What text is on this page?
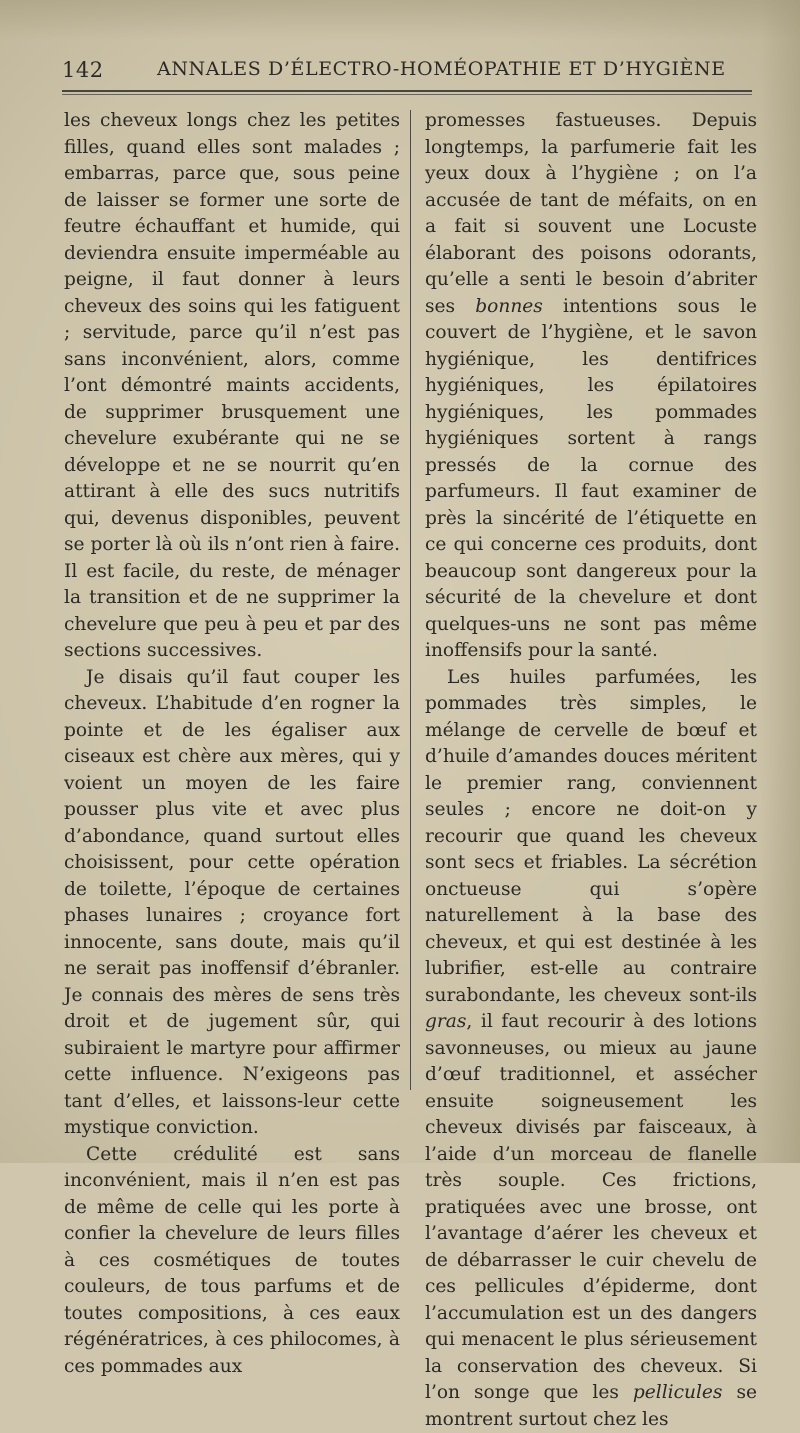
142	ANNALES D’ÉLECTRO-HOMÉOPATHIE ET D’HYGIÈNE

les cheveux longs chez les petites filles, quand elles sont malades ; embarras, parce que, sous peine de laisser se former une sorte de feutre échauffant et humide, qui deviendra ensuite imperméable au peigne, il faut donner à leurs cheveux des soins qui les fatiguent ; servitude, parce qu’il n’est pas sans inconvénient, alors, comme l’ont démontré maints accidents, de supprimer brusquement une chevelure exubérante qui ne se développe et ne se nourrit qu’en attirant à elle des sucs nutritifs qui, devenus disponibles, peuvent se porter là où ils n’ont rien à faire. Il est facile, du reste, de ménager la transition et de ne supprimer la chevelure que peu à peu et par des sections successives.

Je disais qu’il faut couper les cheveux. L’habitude d’en rogner la pointe et de les égaliser aux ciseaux est chère aux mères, qui y voient un moyen de les faire pousser plus vite et avec plus d’abondance, quand surtout elles choisissent, pour cette opération de toilette, l’époque de certaines phases lunaires ; croyance fort innocente, sans doute, mais qu’il ne serait pas inoffensif d’ébranler. Je connais des mères de sens très droit et de jugement sûr, qui subiraient le martyre pour affirmer cette influence. N’exigeons pas tant d’elles, et laissons-leur cette mystique conviction.

Cette crédulité est sans inconvénient, mais il n’en est pas de même de celle qui les porte à confier la chevelure de leurs filles à ces cosmétiques de toutes couleurs, de tous parfums et de toutes compositions, à ces eaux régénératrices, à ces philocomes, à ces pommades aux

promesses fastueuses. Depuis longtemps, la parfumerie fait les yeux doux à l’hygiène ; on l’a accusée de tant de méfaits, on en a fait si souvent une Locuste élaborant des poisons odorants, qu’elle a senti le besoin d’abriter ses bonnes intentions sous le couvert de l’hygiène, et le savon hygiénique, les dentifrices hygiéniques, les épilatoires hygiéniques, les pommades hygiéniques sortent à rangs pressés de la cornue des parfumeurs. Il faut examiner de près la sincérité de l’étiquette en ce qui concerne ces produits, dont beaucoup sont dangereux pour la sécurité de la chevelure et dont quelques-uns ne sont pas même inoffensifs pour la santé.

Les huiles parfumées, les pommades très simples, le mélange de cervelle de bœuf et d’huile d’amandes douces méritent le premier rang, conviennent seules ; encore ne doit-on y recourir que quand les cheveux sont secs et friables. La sécrétion onctueuse qui s’opère naturellement à la base des cheveux, et qui est destinée à les lubrifier, est-elle au contraire surabondante, les cheveux sont-ils gras, il faut recourir à des lotions savonneuses, ou mieux au jaune d’œuf traditionnel, et assécher ensuite soigneusement les cheveux divisés par faisceaux, à l’aide d’un morceau de flanelle très souple. Ces frictions, pratiquées avec une brosse, ont l’avantage d’aérer les cheveux et de débarrasser le cuir chevelu de ces pellicules d’épiderme, dont l’accumulation est un des dangers qui menacent le plus sérieusement la conservation des cheveux. Si l’on songe que les pellicules se montrent surtout chez les
